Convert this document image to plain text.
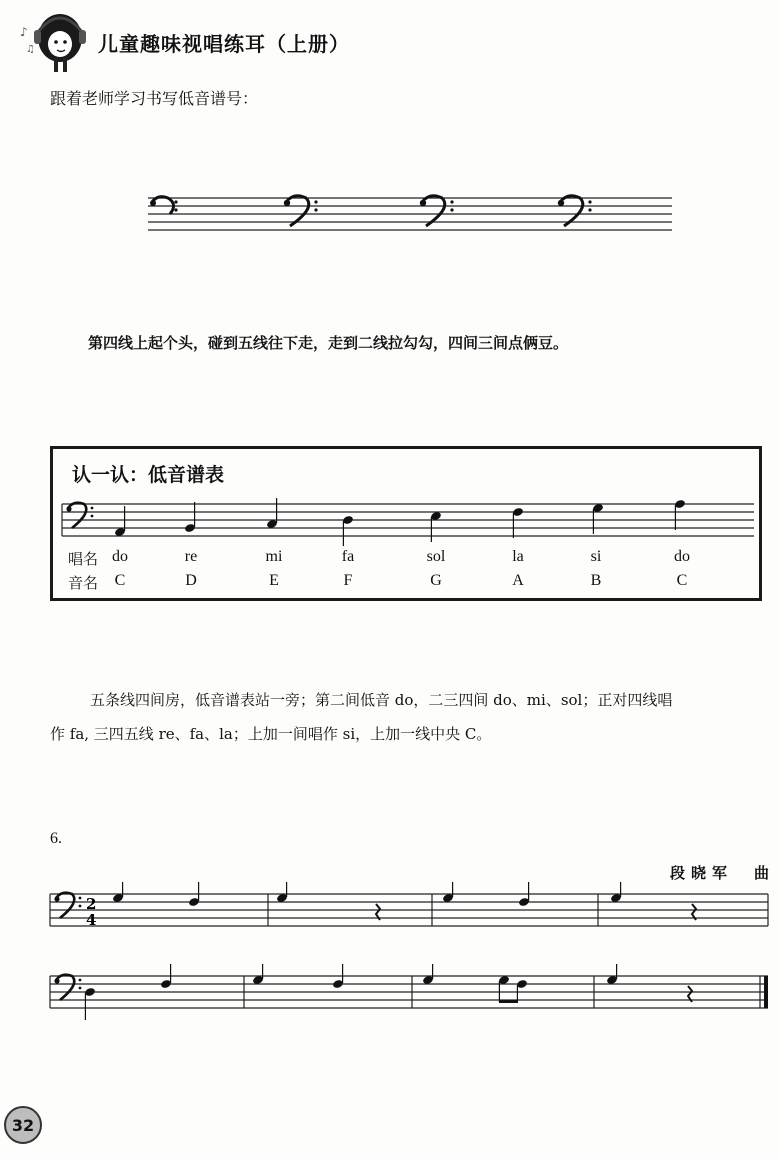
♪
♫	儿童趣味视唱练耳（上册）
跟着老师学习书写低音谱号：
第四线上起个头，碰到五线往下走，走到二线拉勾勾，四间三间点俩豆。
认一认：低音谱表
唱名
音名
do	re	mi	fa	sol	la	si	do
C	D	E	F	G	A	B	C
五条线四间房，低音谱表站一旁；第二间低音 do，二三四间 do、mi、sol；正对四线唱
作 fa, 三四五线 re、fa、la；上加一间唱作 si，上加一线中央 C。
6.
段晓军　曲
2
4
32
